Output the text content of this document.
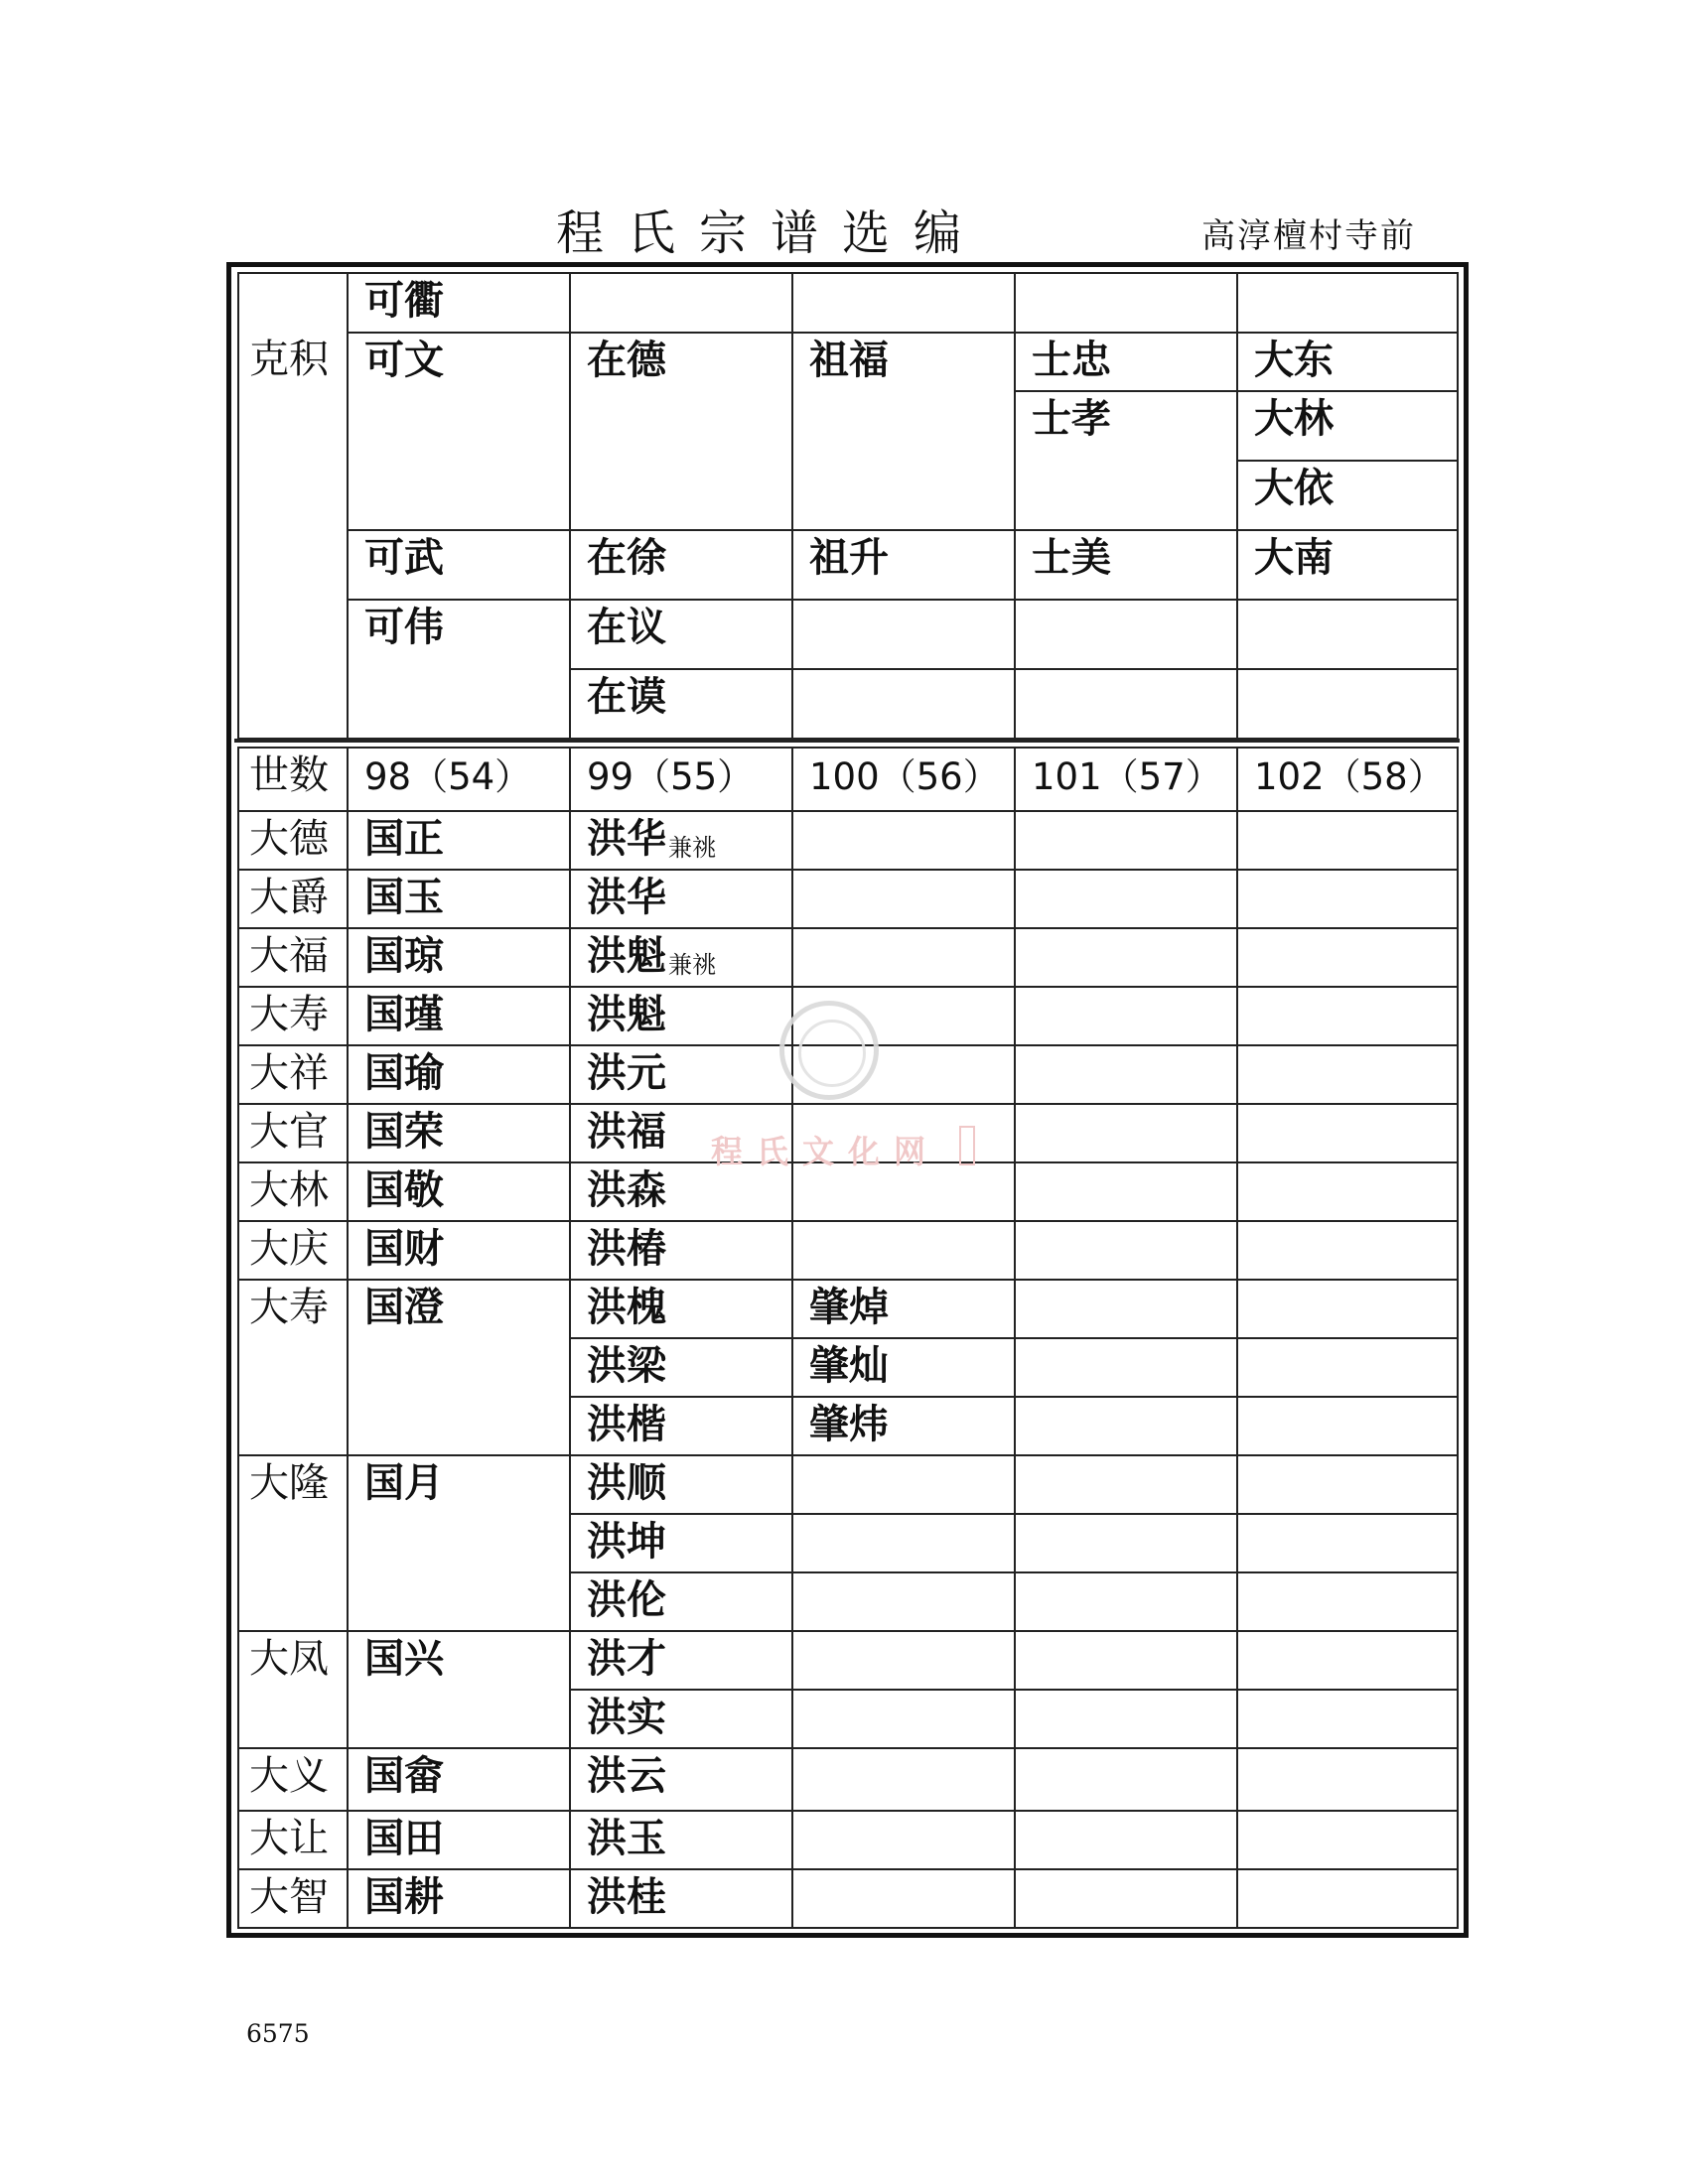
程氏宗谱选编	高淳檀村寺前
克积	可衢				
	可文	在德	祖福	士忠	大东
				士孝	大林
					大依
	可武	在徐	祖升	士美	大南
	可伟	在议			
		在谟			
世数	98（54）	99（55）	100（56）	101（57）	102（58）
大德	国正	洪华兼祧			
大爵	国玉	洪华			
大福	国琼	洪魁兼祧			
大寿	国瑾	洪魁			
大祥	国瑜	洪元			
大官	国荣	洪福			
大林	国敬	洪森			
大庆	国财	洪椿			
大寿	国澄	洪槐	肇焯		
		洪梁	肇灿		
		洪楷	肇炜		
大隆	国月	洪顺			
		洪坤			
		洪伦			
大凤	国兴	洪才			
		洪实			
大义	国畲	洪云			
大让	国田	洪玉			
大智	国耕	洪桂			
程氏文化网
6575
